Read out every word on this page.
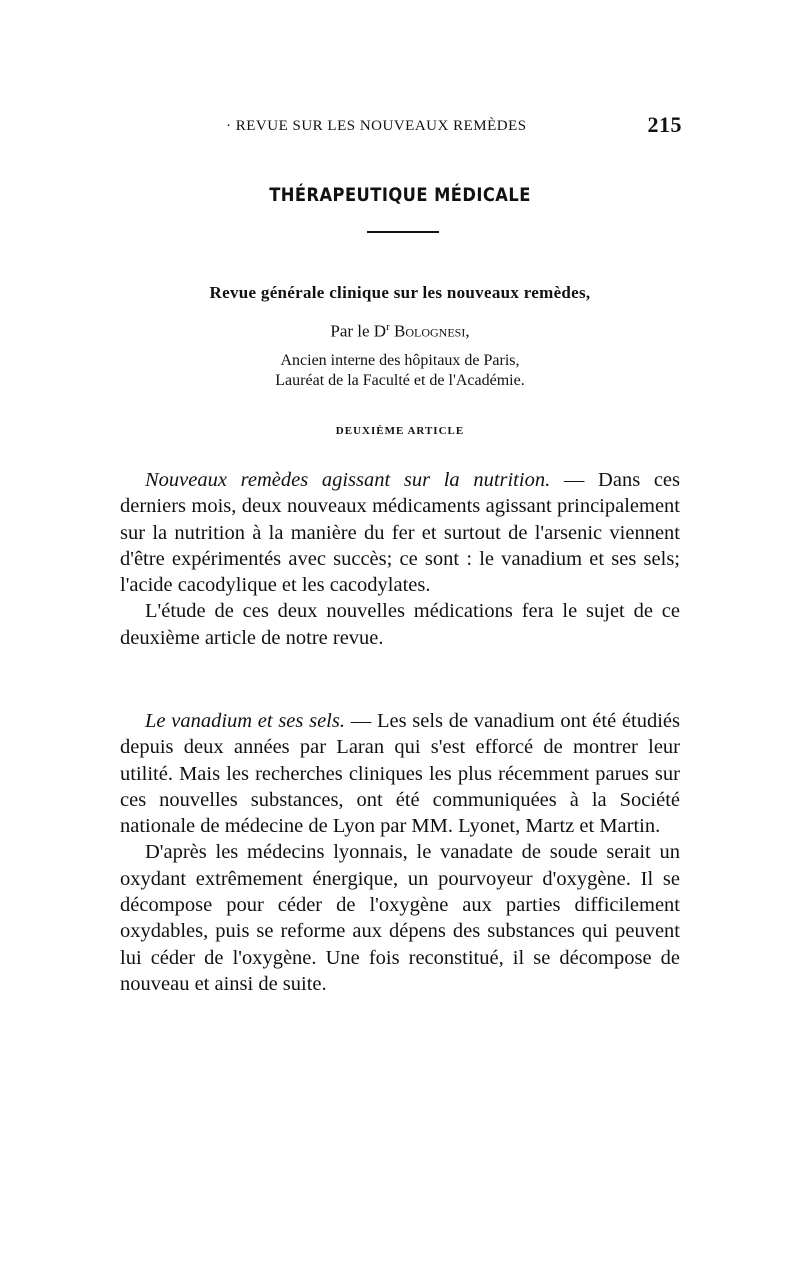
· REVUE SUR LES NOUVEAUX REMÈDES	215
THÉRAPEUTIQUE MÉDICALE
Revue générale clinique sur les nouveaux remèdes,
Par le $D^r$ Bolognesi,
Ancien interne des hôpitaux de Paris,
Lauréat de la Faculté et de l'Académie.
DEUXIÈME ARTICLE

Nouveaux remèdes agissant sur la nutrition. — Dans ces derniers mois, deux nouveaux médicaments agissant principalement sur la nutrition à la manière du fer et surtout de l'arsenic viennent d'être expérimentés avec succès; ce sont : le vanadium et ses sels; l'acide cacodylique et les cacodylates.

L'étude de ces deux nouvelles médications fera le sujet de ce deuxième article de notre revue.

Le vanadium et ses sels. — Les sels de vanadium ont été étudiés depuis deux années par Laran qui s'est efforcé de montrer leur utilité. Mais les recherches cliniques les plus récemment parues sur ces nouvelles substances, ont été communiquées à la Société nationale de médecine de Lyon par MM. Lyonet, Martz et Martin.

D'après les médecins lyonnais, le vanadate de soude serait un oxydant extrêmement énergique, un pourvoyeur d'oxygène. Il se décompose pour céder de l'oxygène aux parties difficilement oxydables, puis se reforme aux dépens des substances qui peuvent lui céder de l'oxygène. Une fois reconstitué, il se décompose de nouveau et ainsi de suite.
